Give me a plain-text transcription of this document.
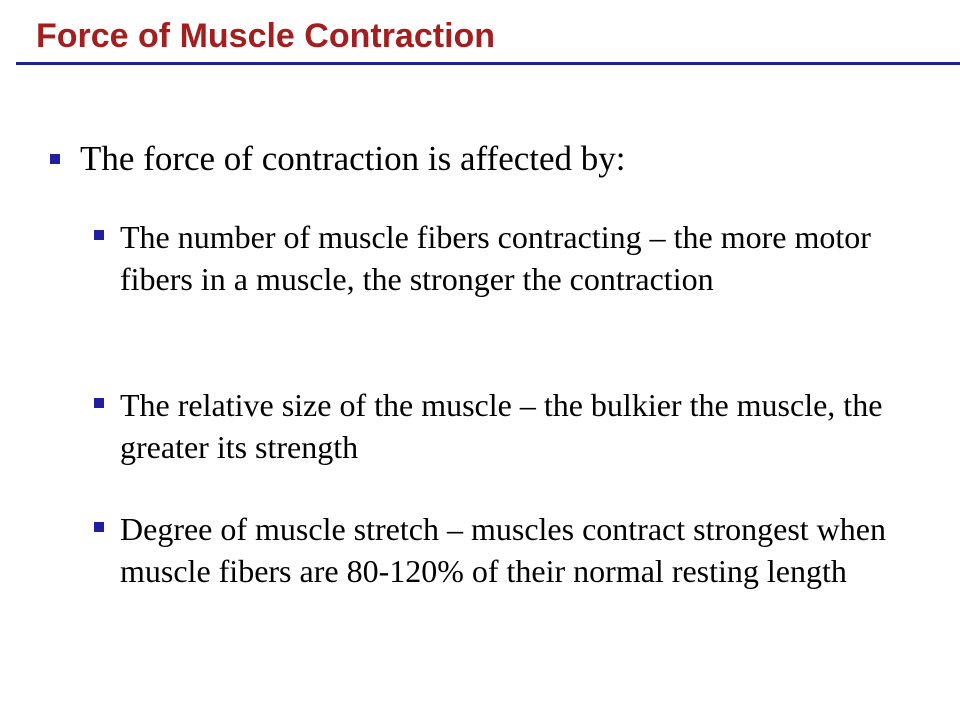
Force of Muscle Contraction
The force of contraction is affected by:
The number of muscle fibers contracting – the more motor fibers in a muscle, the stronger the contraction
The relative size of the muscle – the bulkier the muscle, the greater its strength
Degree of muscle stretch – muscles contract strongest when muscle fibers are 80-120% of their normal resting length
